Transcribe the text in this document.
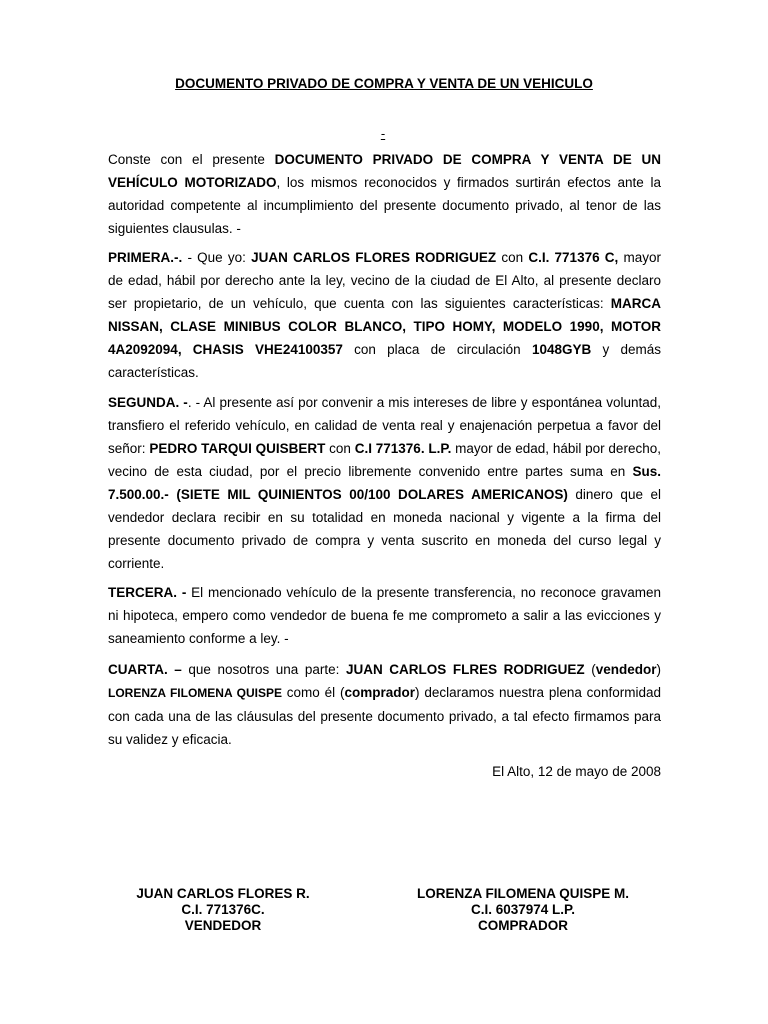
DOCUMENTO PRIVADO DE COMPRA Y VENTA DE UN VEHICULO
-
Conste con el presente DOCUMENTO PRIVADO DE COMPRA Y VENTA DE UN VEHÍCULO MOTORIZADO, los mismos reconocidos y firmados surtirán efectos ante la autoridad competente al incumplimiento del presente documento privado, al tenor de las siguientes clausulas. -
PRIMERA.-. - Que yo: JUAN CARLOS FLORES RODRIGUEZ con C.I. 771376 C, mayor de edad, hábil por derecho ante la ley, vecino de la ciudad de El Alto, al presente declaro ser propietario, de un vehículo, que cuenta con las siguientes características: MARCA NISSAN, CLASE MINIBUS COLOR BLANCO, TIPO HOMY, MODELO 1990, MOTOR 4A2092094, CHASIS VHE24100357 con placa de circulación 1048GYB y demás características.
SEGUNDA. -. - Al presente así por convenir a mis intereses de libre y espontánea voluntad, transfiero el referido vehículo, en calidad de venta real y enajenación perpetua a favor del señor: PEDRO TARQUI QUISBERT con C.I 771376. L.P. mayor de edad, hábil por derecho, vecino de esta ciudad, por el precio libremente convenido entre partes suma en Sus.      7.500.00.- (SIETE MIL QUINIENTOS 00/100 DOLARES AMERICANOS) dinero que el vendedor declara recibir en su totalidad en moneda nacional y vigente a la firma del presente documento privado de compra y venta suscrito en moneda del curso legal y corriente.
TERCERA. - El mencionado vehículo de la presente transferencia, no reconoce gravamen ni hipoteca, empero como vendedor de buena fe me comprometo a salir a las evicciones y saneamiento conforme a ley. -
CUARTA. – que nosotros una parte: JUAN CARLOS FLRES RODRIGUEZ (vendedor) LORENZA FILOMENA QUISPE como él (comprador) declaramos nuestra plena conformidad con cada una de las cláusulas del presente documento privado, a tal efecto firmamos para su validez y eficacia.
El Alto, 12 de mayo de 2008
JUAN CARLOS FLORES R.
C.I. 771376C.
VENDEDOR
LORENZA FILOMENA QUISPE M.
C.I. 6037974 L.P.
COMPRADOR
